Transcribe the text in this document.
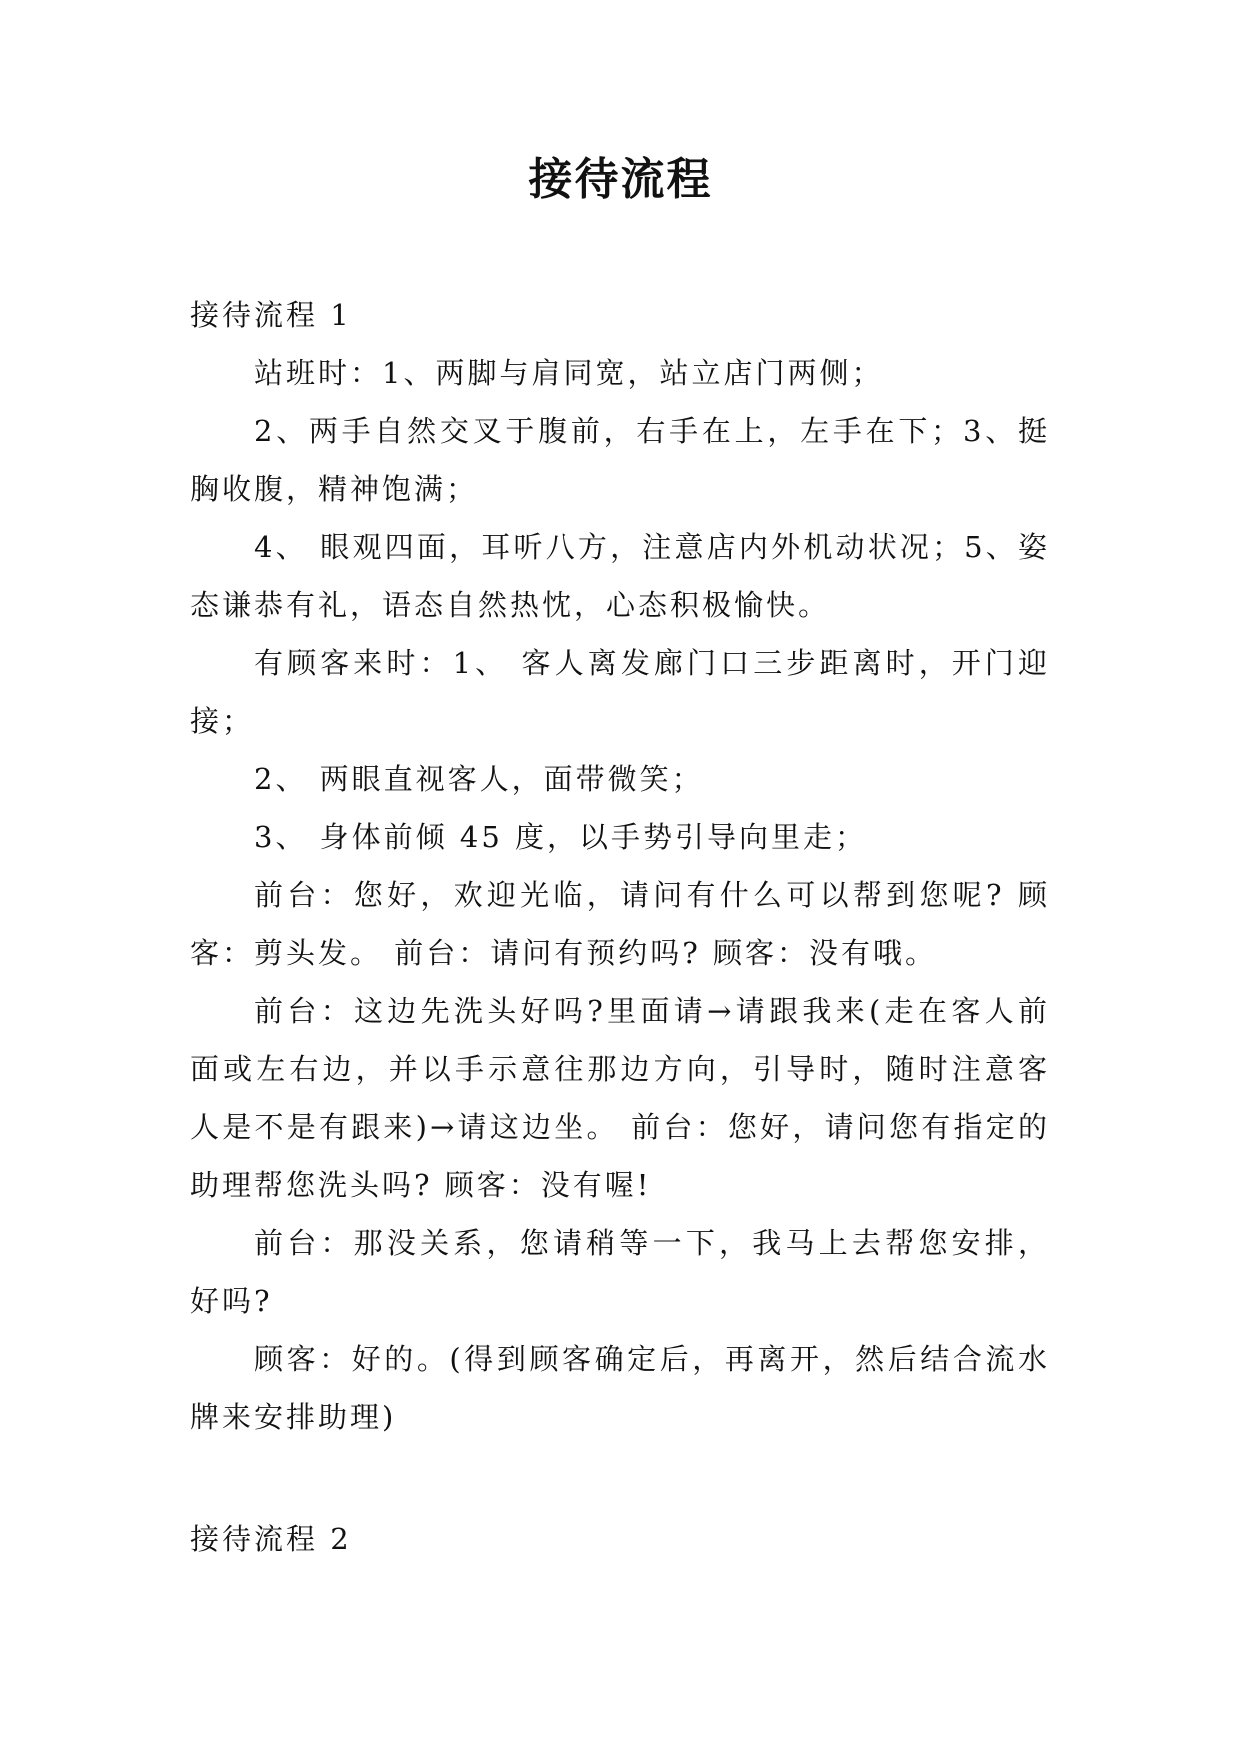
接待流程
接待流程 1

站班时：1、两脚与肩同宽，站立店门两侧；

2、两手自然交叉于腹前，右手在上，左手在下；3、挺胸收腹，精神饱满；

4、 眼观四面，耳听八方，注意店内外机动状况；5、姿态谦恭有礼，语态自然热忱，心态积极愉快。

有顾客来时：1、 客人离发廊门口三步距离时，开门迎接；

2、 两眼直视客人，面带微笑；

3、 身体前倾 45 度，以手势引导向里走；

前台：您好，欢迎光临，请问有什么可以帮到您呢? 顾客：剪头发。 前台：请问有预约吗? 顾客：没有哦。

前台：这边先洗头好吗?里面请→请跟我来(走在客人前面或左右边，并以手示意往那边方向，引导时，随时注意客人是不是有跟来)→请这边坐。 前台：您好，请问您有指定的助理帮您洗头吗? 顾客：没有喔!

前台：那没关系，您请稍等一下，我马上去帮您安排，好吗?

顾客：好的。(得到顾客确定后，再离开，然后结合流水牌来安排助理)

接待流程 2
